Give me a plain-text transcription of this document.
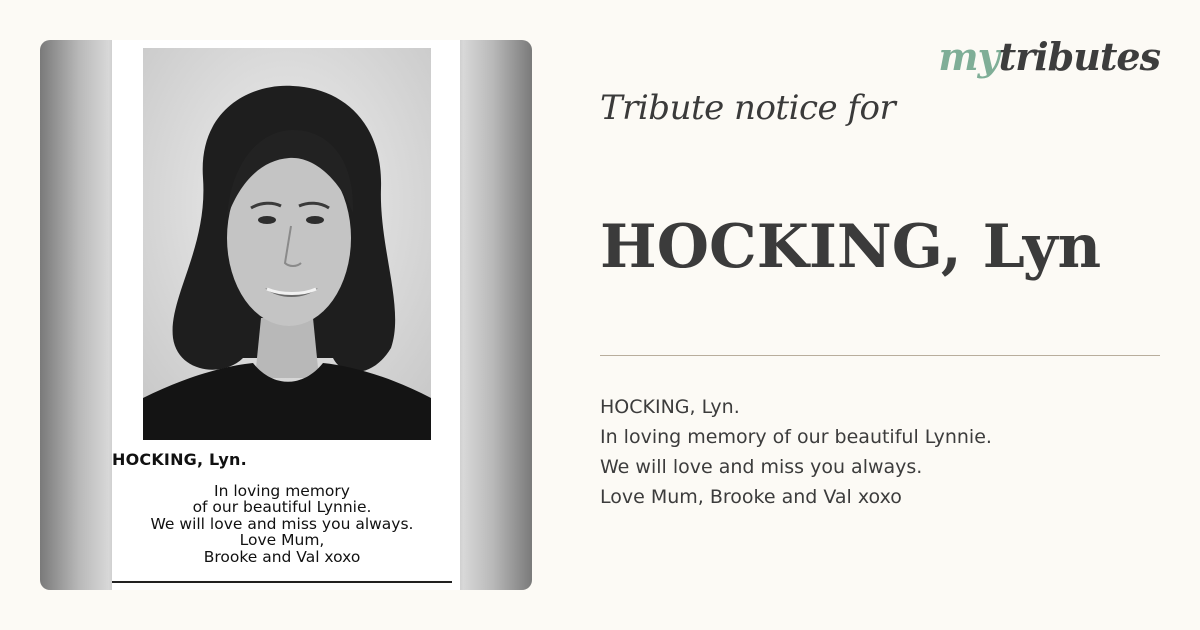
HOCKING, Lyn.
In loving memory
of our beautiful Lynnie.
We will love and miss you always.
Love Mum,
Brooke and Val xoxo
mytributes
Tribute notice for
HOCKING, Lyn
HOCKING, Lyn.
In loving memory of our beautiful Lynnie.
We will love and miss you always.
Love Mum, Brooke and Val xoxo
